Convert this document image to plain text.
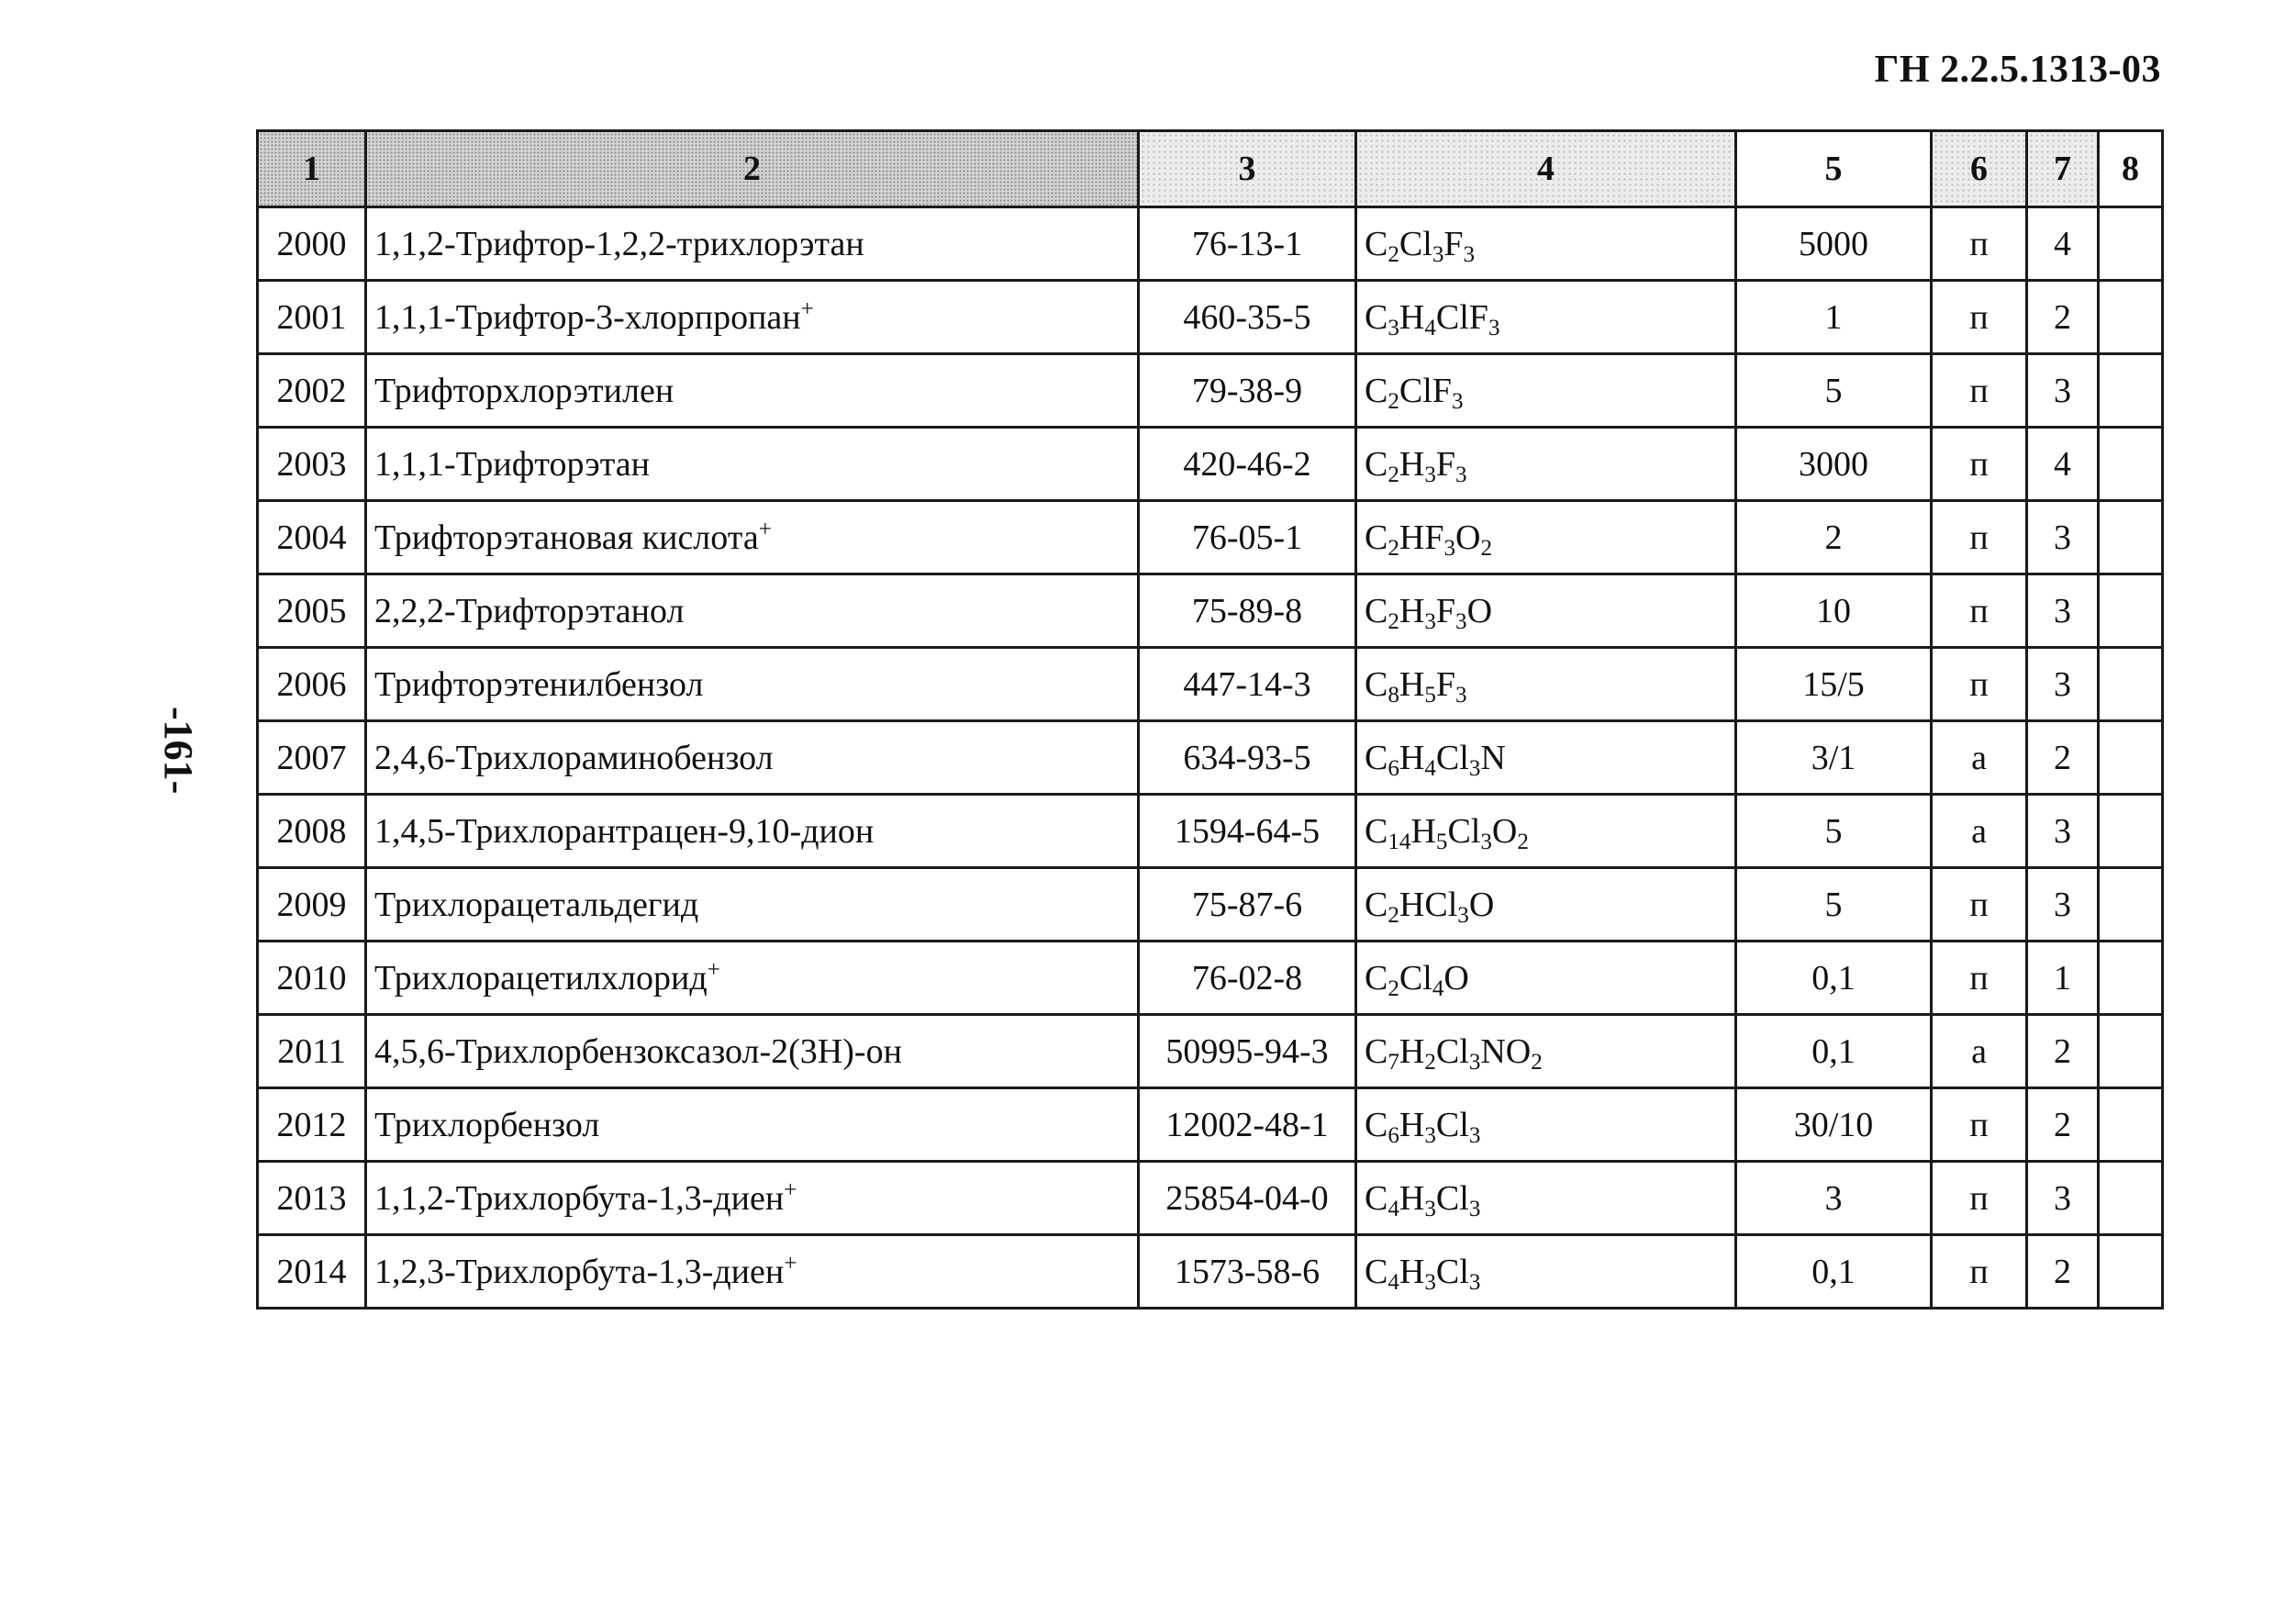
ГН 2.2.5.1313-03
-161-
1	2	3	4	5	6	7	8
2000	1,1,2-Трифтор-1,2,2-трихлорэтан	76-13-1	$C_2Cl_3F_3$	5000	п	4	
2001	1,1,1-Трифтор-3-хлорпропан+	460-35-5	$C_3H_4ClF_3$	1	п	2	
2002	Трифторхлорэтилен	79-38-9	$C_2ClF_3$	5	п	3	
2003	1,1,1-Трифторэтан	420-46-2	$C_2H_3F_3$	3000	п	4	
2004	Трифторэтановая кислота+	76-05-1	$C_2HF_3O_2$	2	п	3	
2005	2,2,2-Трифторэтанол	75-89-8	$C_2H_3F_3O$	10	п	3	
2006	Трифторэтенилбензол	447-14-3	$C_8H_5F_3$	15/5	п	3	
2007	2,4,6-Трихлораминобензол	634-93-5	$C_6H_4Cl_3N$	3/1	а	2	
2008	1,4,5-Трихлорантрацен-9,10-дион	1594-64-5	$C_{14}H_5Cl_3O_2$	5	а	3	
2009	Трихлорацетальдегид	75-87-6	$C_2HCl_3O$	5	п	3	
2010	Трихлорацетилхлорид+	76-02-8	$C_2Cl_4O$	0,1	п	1	
2011	4,5,6-Трихлорбензоксазол-2(3Н)-он	50995-94-3	$C_7H_2Cl_3NO_2$	0,1	а	2	
2012	Трихлорбензол	12002-48-1	$C_6H_3Cl_3$	30/10	п	2	
2013	1,1,2-Трихлорбута-1,3-диен+	25854-04-0	$C_4H_3Cl_3$	3	п	3	
2014	1,2,3-Трихлорбута-1,3-диен+	1573-58-6	$C_4H_3Cl_3$	0,1	п	2	
